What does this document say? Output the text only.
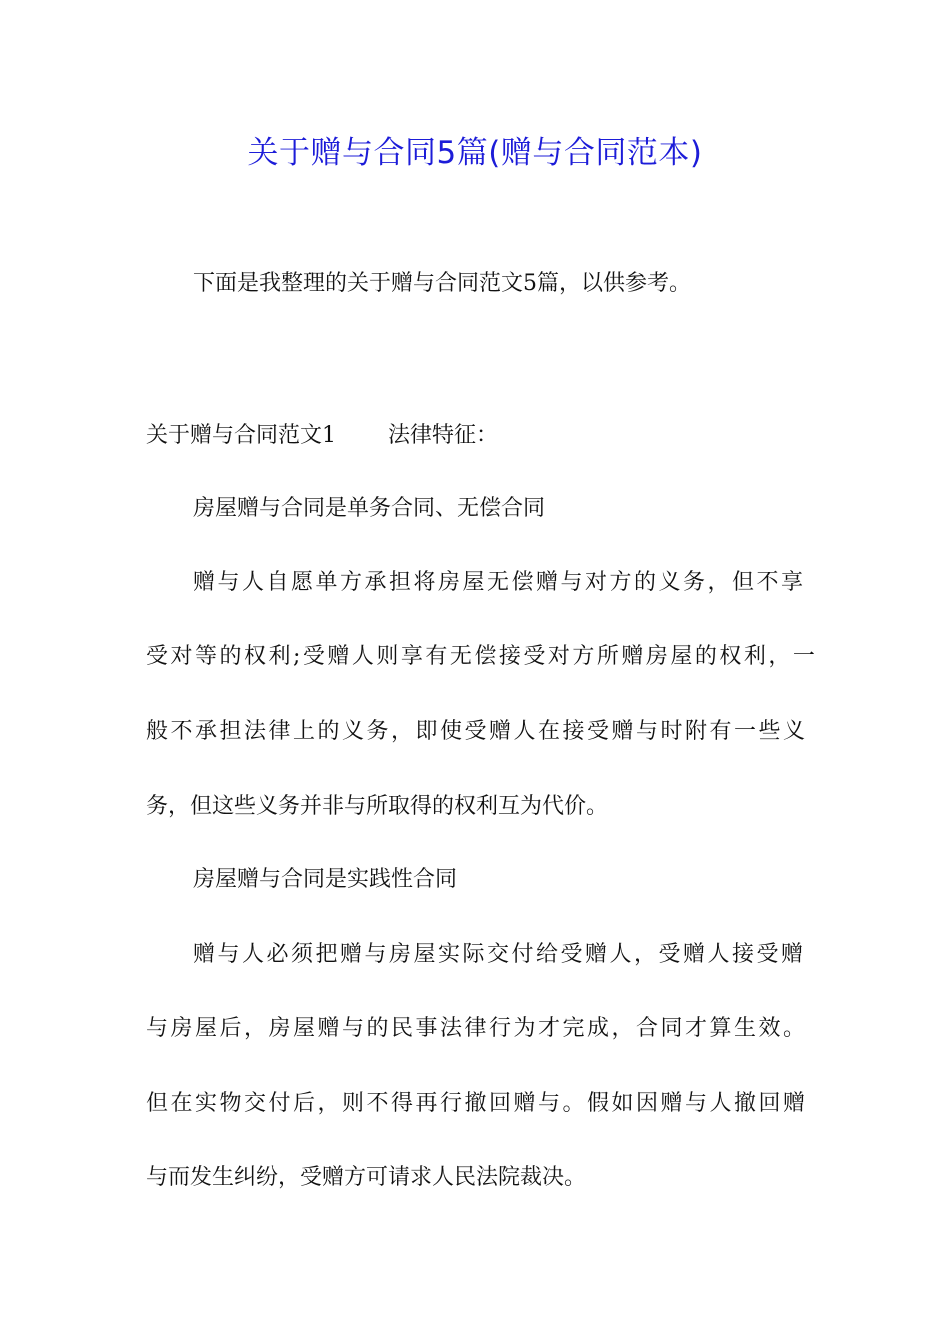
关于赠与合同5篇(赠与合同范本)
下面是我整理的关于赠与合同范文5篇，以供参考。
关于赠与合同范文1 法律特征：
房屋赠与合同是单务合同、无偿合同
赠与人自愿单方承担将房屋无偿赠与对方的义务，但不享
受对等的权利;受赠人则享有无偿接受对方所赠房屋的权利，一
般不承担法律上的义务，即使受赠人在接受赠与时附有一些义
务，但这些义务并非与所取得的权利互为代价。
房屋赠与合同是实践性合同
赠与人必须把赠与房屋实际交付给受赠人，受赠人接受赠
与房屋后，房屋赠与的民事法律行为才完成，合同才算生效。
但在实物交付后，则不得再行撤回赠与。假如因赠与人撤回赠
与而发生纠纷，受赠方可请求人民法院裁决。
